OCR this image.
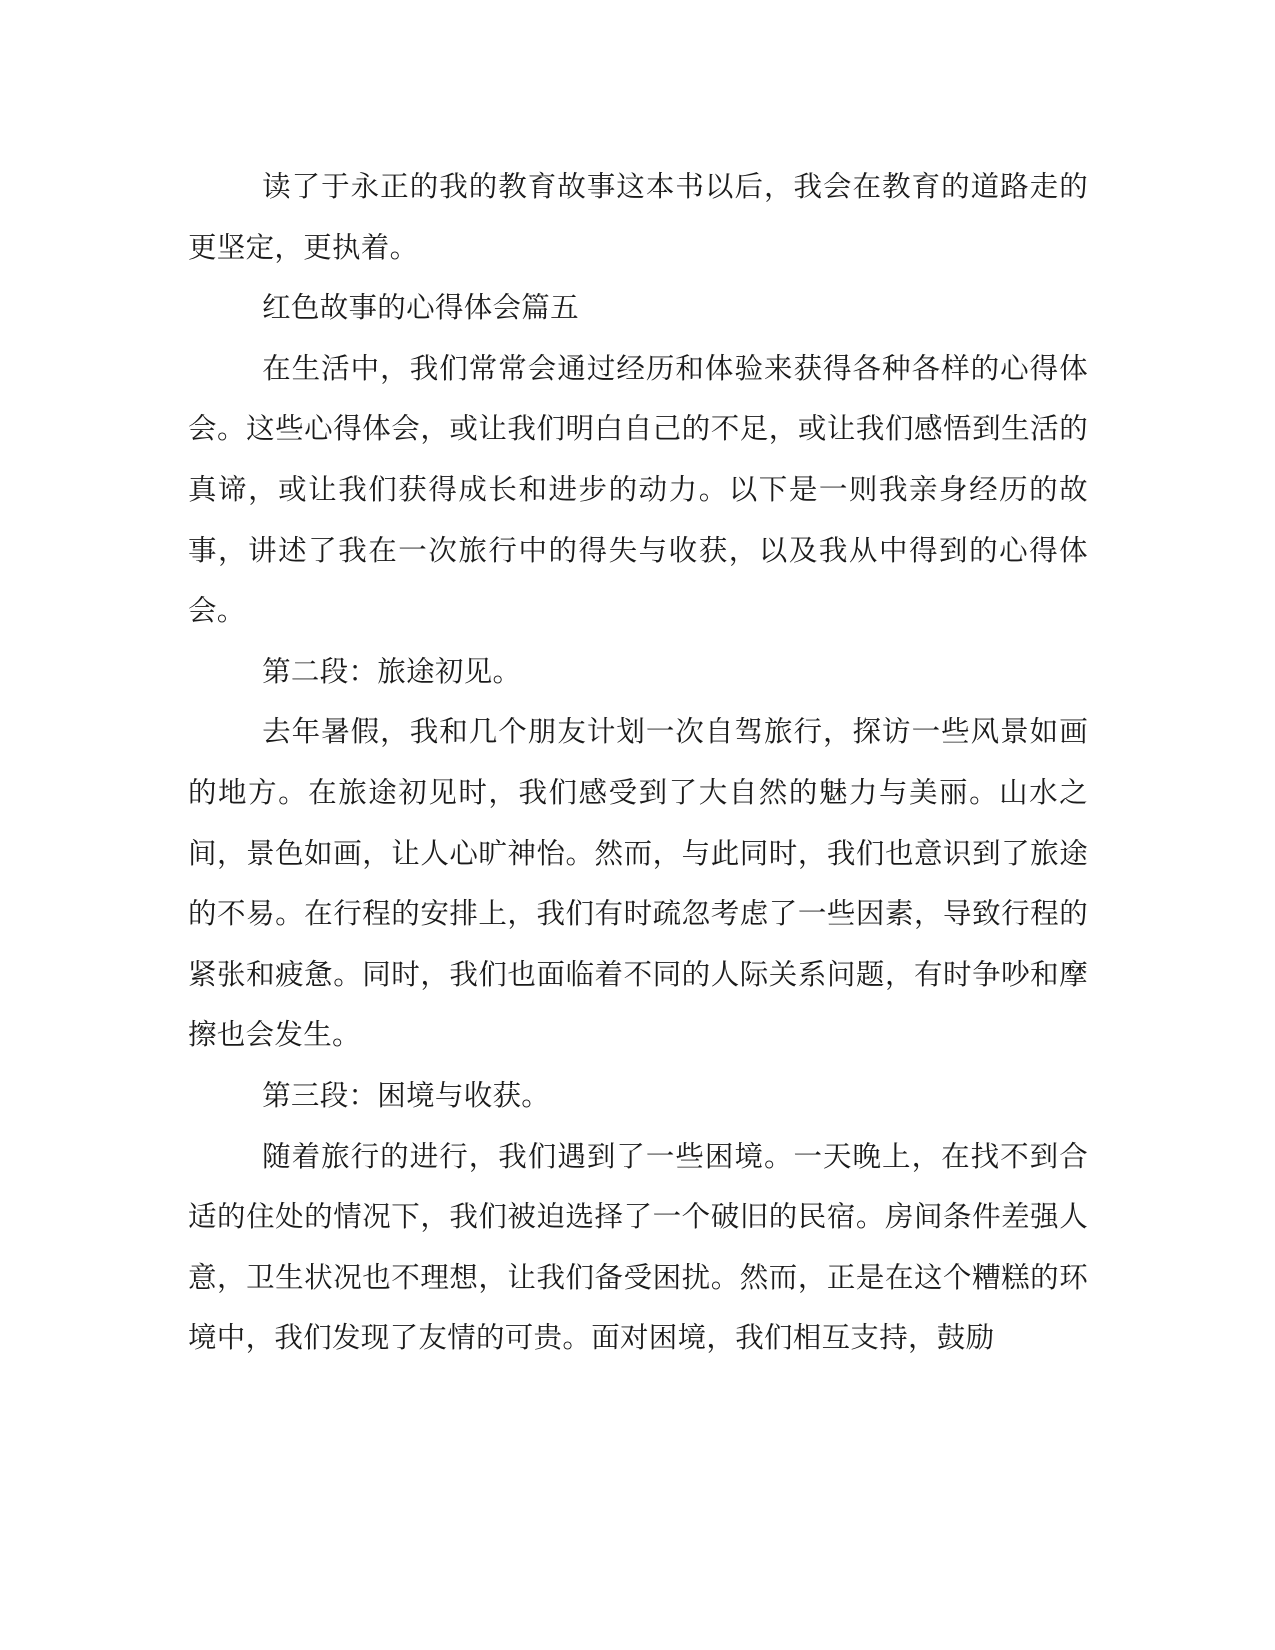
读了于永正的我的教育故事这本书以后，我会在教育的道路走的更坚定，更执着。

红色故事的心得体会篇五

在生活中，我们常常会通过经历和体验来获得各种各样的心得体会。这些心得体会，或让我们明白自己的不足，或让我们感悟到生活的真谛，或让我们获得成长和进步的动力。以下是一则我亲身经历的故事，讲述了我在一次旅行中的得失与收获，以及我从中得到的心得体会。

第二段：旅途初见。

去年暑假，我和几个朋友计划一次自驾旅行，探访一些风景如画的地方。在旅途初见时，我们感受到了大自然的魅力与美丽。山水之间，景色如画，让人心旷神怡。然而，与此同时，我们也意识到了旅途的不易。在行程的安排上，我们有时疏忽考虑了一些因素，导致行程的紧张和疲惫。同时，我们也面临着不同的人际关系问题，有时争吵和摩擦也会发生。

第三段：困境与收获。

随着旅行的进行，我们遇到了一些困境。一天晚上，在找不到合适的住处的情况下，我们被迫选择了一个破旧的民宿。房间条件差强人意，卫生状况也不理想，让我们备受困扰。然而，正是在这个糟糕的环境中，我们发现了友情的可贵。面对困境，我们相互支持，鼓励
